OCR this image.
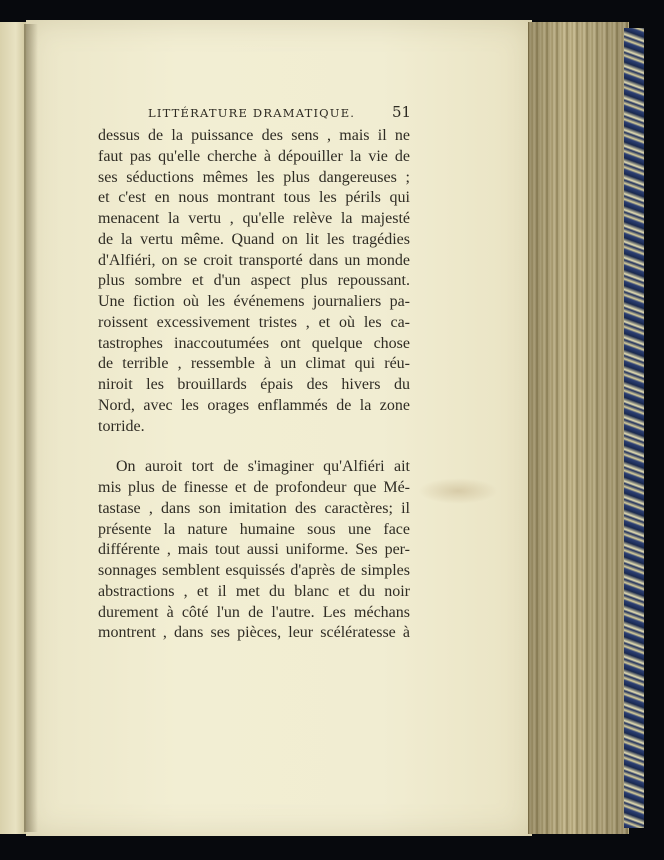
LITTÉRATURE DRAMATIQUE. 51
dessus de la puissance des sens , mais il ne
faut pas qu'elle cherche à dépouiller la vie de
ses séductions mêmes les plus dangereuses ;
et c'est en nous montrant tous les périls qui
menacent la vertu , qu'elle relève la majesté
de la vertu même. Quand on lit les tragédies
d'Alfiéri, on se croit transporté dans un monde
plus sombre et d'un aspect plus repoussant.
Une fiction où les événemens journaliers pa-
roissent excessivement tristes , et où les ca-
tastrophes inaccoutumées ont quelque chose
de terrible , ressemble à un climat qui réu-
niroit les brouillards épais des hivers du
Nord, avec les orages enflammés de la zone
torride.
On auroit tort de s'imaginer qu'Alfiéri ait
mis plus de finesse et de profondeur que Mé-
tastase , dans son imitation des caractères; il
présente la nature humaine sous une face
différente , mais tout aussi uniforme. Ses per-
sonnages semblent esquissés d'après de simples
abstractions , et il met du blanc et du noir
durement à côté l'un de l'autre. Les méchans
montrent , dans ses pièces, leur scélératesse à
